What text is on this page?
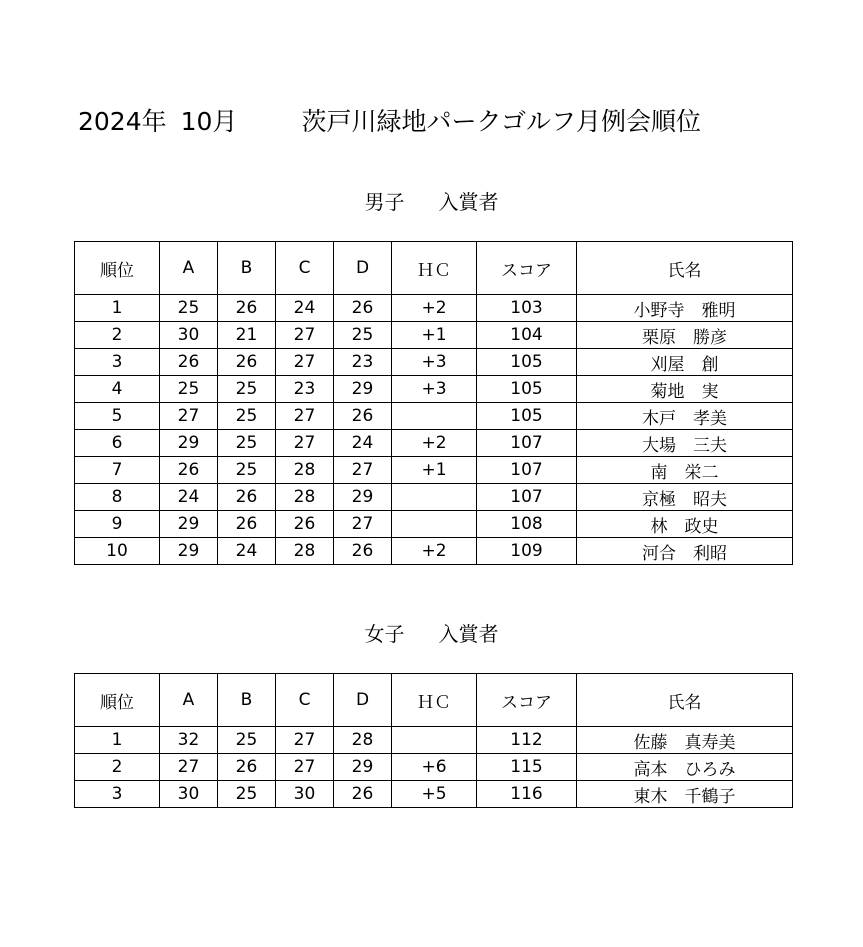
2024年 10月	茨戸川緑地パークゴルフ月例会順位
男子 入賞者
順位	A	B	C	D	ＨＣ	スコア	氏名
1	25	26	24	26	+2	103	小野寺　雅明
2	30	21	27	25	+1	104	栗原　勝彦
3	26	26	27	23	+3	105	刈屋　創
4	25	25	23	29	+3	105	菊地　実
5	27	25	27	26		105	木戸　孝美
6	29	25	27	24	+2	107	大場　三夫
7	26	25	28	27	+1	107	南　栄二
8	24	26	28	29		107	京極　昭夫
9	29	26	26	27		108	林　政史
10	29	24	28	26	+2	109	河合　利昭
女子 入賞者
順位	A	B	C	D	ＨＣ	スコア	氏名
1	32	25	27	28		112	佐藤　真寿美
2	27	26	27	29	+6	115	高本　ひろみ
3	30	25	30	26	+5	116	東木　千鶴子
